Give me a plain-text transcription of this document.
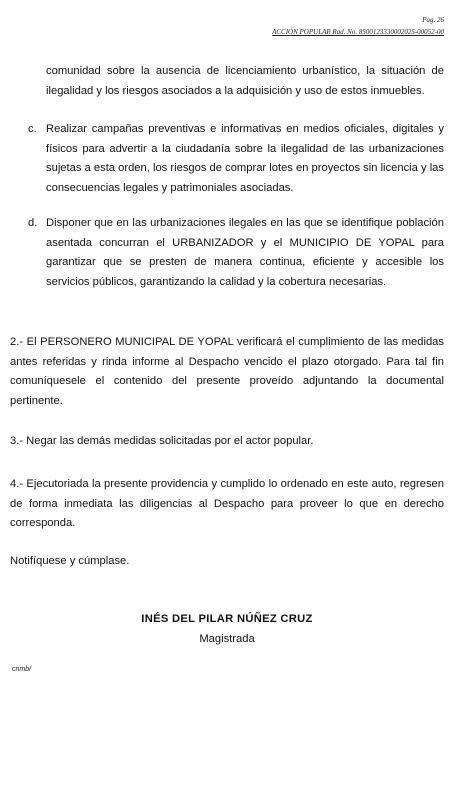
Pag. 26
ACCIÓN POPULAR Rad. No. 85001233300020​25-00052-00
comunidad sobre la ausencia de licenciamiento urbanístico, la situación de ilegalidad y los riesgos asociados a la adquisición y uso de estos inmuebles.
c. Realizar campañas preventivas e informativas en medios oficiales, digitales y físicos para advertir a la ciudadanía sobre la ilegalidad de las urbanizaciones sujetas a esta orden, los riesgos de comprar lotes en proyectos sin licencia y las consecuencias legales y patrimoniales asociadas.
d. Disponer que en las urbanizaciones ilegales en las que se identifique población asentada concurran el URBANIZADOR y el MUNICIPIO DE YOPAL para garantizar que se presten de manera continua, eficiente y accesible los servicios públicos, garantizando la calidad y la cobertura necesarias.
2.- El PERSONERO MUNICIPAL DE YOPAL verificará el cumplimiento de las medidas antes referidas y rinda informe al Despacho vencido el plazo otorgado. Para tal fin comuníquesele el contenido del presente proveído adjuntando la documental pertinente.
3.- Negar las demás medidas solicitadas por el actor popular.
4.- Ejecutoriada la presente providencia y cumplido lo ordenado en este auto, regresen de forma inmediata las diligencias al Despacho para proveer lo que en derecho corresponda.
Notifíquese y cúmplase.
INÉS DEL PILAR NÚÑEZ CRUZ
Magistrada
cnmb/
